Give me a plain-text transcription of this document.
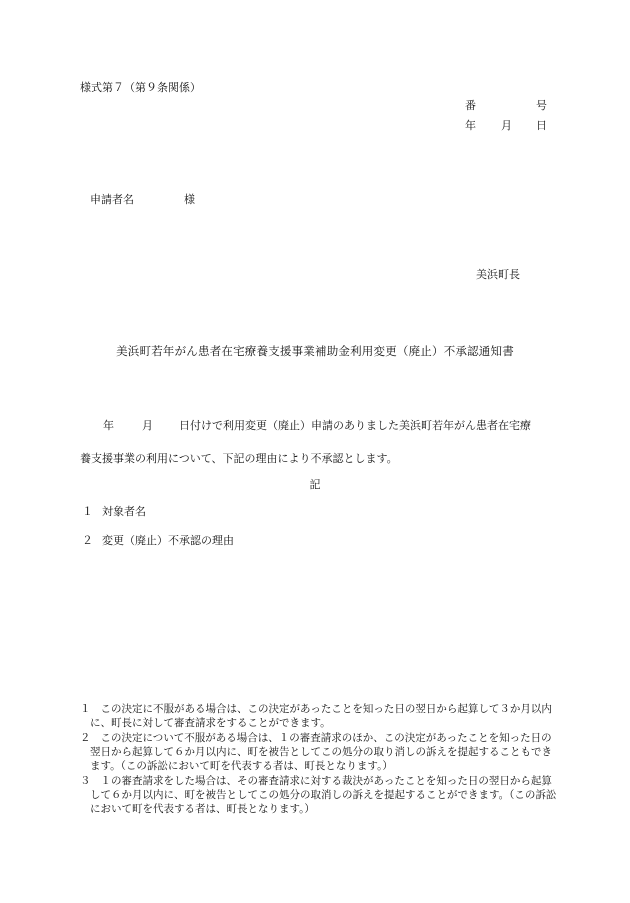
様式第７（第９条関係）
番	号
年 月 日
申請者名	様
美浜町長
美浜町若年がん患者在宅療養支援事業補助金利用変更（廃止）不承認通知書
年	月 日付けで利用変更（廃止）申請のありました美浜町若年がん患者在宅療
養支援事業の利用について、下記の理由により不承認とします。
記
１ 対象者名
２ 変更（廃止）不承認の理由
１ 　この決定に不服がある場合は、この決定があったことを知った日の翌日から起算して３か月以内に、町長に対して審査請求をすることができます。
２ 　この決定について不服がある場合は、１の審査請求のほか、この決定があったことを知った日の翌日から起算して６か月以内に、町を被告としてこの処分の取り消しの訴えを提起することもできます。（この訴訟において町を代表する者は、町長となります。）
３ 　１の審査請求をした場合は、その審査請求に対する裁決があったことを知った日の翌日から起算して６か月以内に、町を被告としてこの処分の取消しの訴えを提起することができます。（この訴訟において町を代表する者は、町長となります。）
